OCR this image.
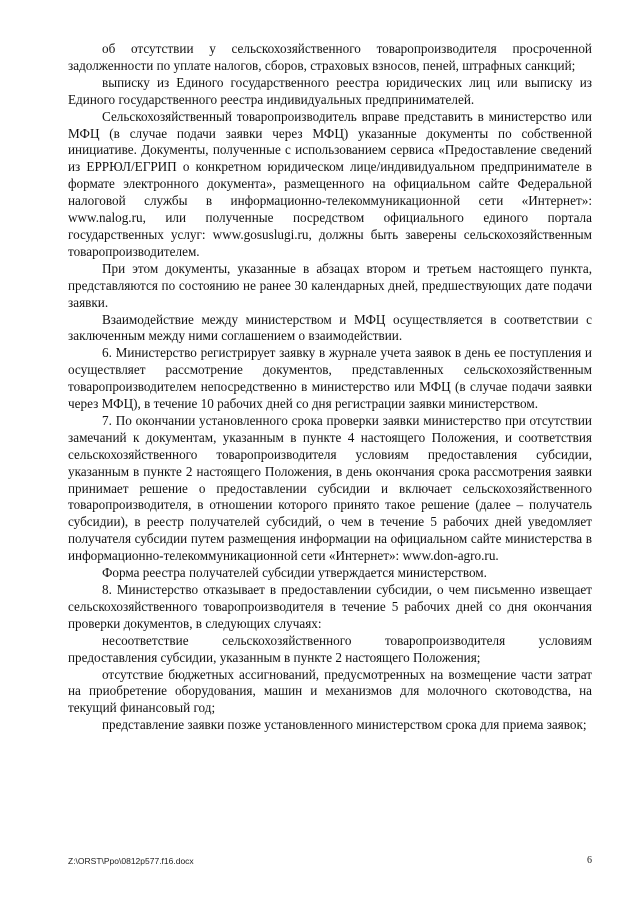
об отсутствии у сельскохозяйственного товаропроизводителя просроченной задолженности по уплате налогов, сборов, страховых взносов, пеней, штрафных санкций;

выписку из Единого государственного реестра юридических лиц или выписку из Единого государственного реестра индивидуальных предпринимателей.

Сельскохозяйственный товаропроизводитель вправе представить в министерство или МФЦ (в случае подачи заявки через МФЦ) указанные документы по собственной инициативе. Документы, полученные с использованием сервиса «Предоставление сведений из ЕРРЮЛ/ЕГРИП о конкретном юридическом лице/индивидуальном предпринимателе в формате электронного документа», размещенного на официальном сайте Федеральной налоговой службы в информационно-телекоммуникационной сети «Интернет»: www.nalog.ru, или полученные посредством официального единого портала государственных услуг: www.gosuslugi.ru, должны быть заверены сельскохозяйственным товаропроизводителем.

При этом документы, указанные в абзацах втором и третьем настоящего пункта, представляются по состоянию не ранее 30 календарных дней, предшествующих дате подачи заявки.

Взаимодействие между министерством и МФЦ осуществляется в соответствии с заключенным между ними соглашением о взаимодействии.

6. Министерство регистрирует заявку в журнале учета заявок в день ее поступления и осуществляет рассмотрение документов, представленных сельскохозяйственным товаропроизводителем непосредственно в министерство или МФЦ (в случае подачи заявки через МФЦ), в течение 10 рабочих дней со дня регистрации заявки министерством.

7. По окончании установленного срока проверки заявки министерство при отсутствии замечаний к документам, указанным в пункте 4 настоящего Положения, и соответствия сельскохозяйственного товаропроизводителя условиям предоставления субсидии, указанным в пункте 2 настоящего Положения, в день окончания срока рассмотрения заявки принимает решение о предоставлении субсидии и включает сельскохозяйственного товаропроизводителя, в отношении которого принято такое решение (далее – получатель субсидии), в реестр получателей субсидий, о чем в течение 5 рабочих дней уведомляет получателя субсидии путем размещения информации на официальном сайте министерства в информационно-телекоммуникационной сети «Интернет»: www.don-agro.ru.

Форма реестра получателей субсидии утверждается министерством.

8. Министерство отказывает в предоставлении субсидии, о чем письменно извещает сельскохозяйственного товаропроизводителя в течение 5 рабочих дней со дня окончания проверки документов, в следующих случаях:

несоответствие сельскохозяйственного товаропроизводителя условиям предоставления субсидии, указанным в пункте 2 настоящего Положения;

отсутствие бюджетных ассигнований, предусмотренных на возмещение части затрат на приобретение оборудования, машин и механизмов для молочного скотоводства, на текущий финансовый год;

представление заявки позже установленного министерством срока для приема заявок;

Z:\ORST\Ppo\0812p577.f16.docx	6
